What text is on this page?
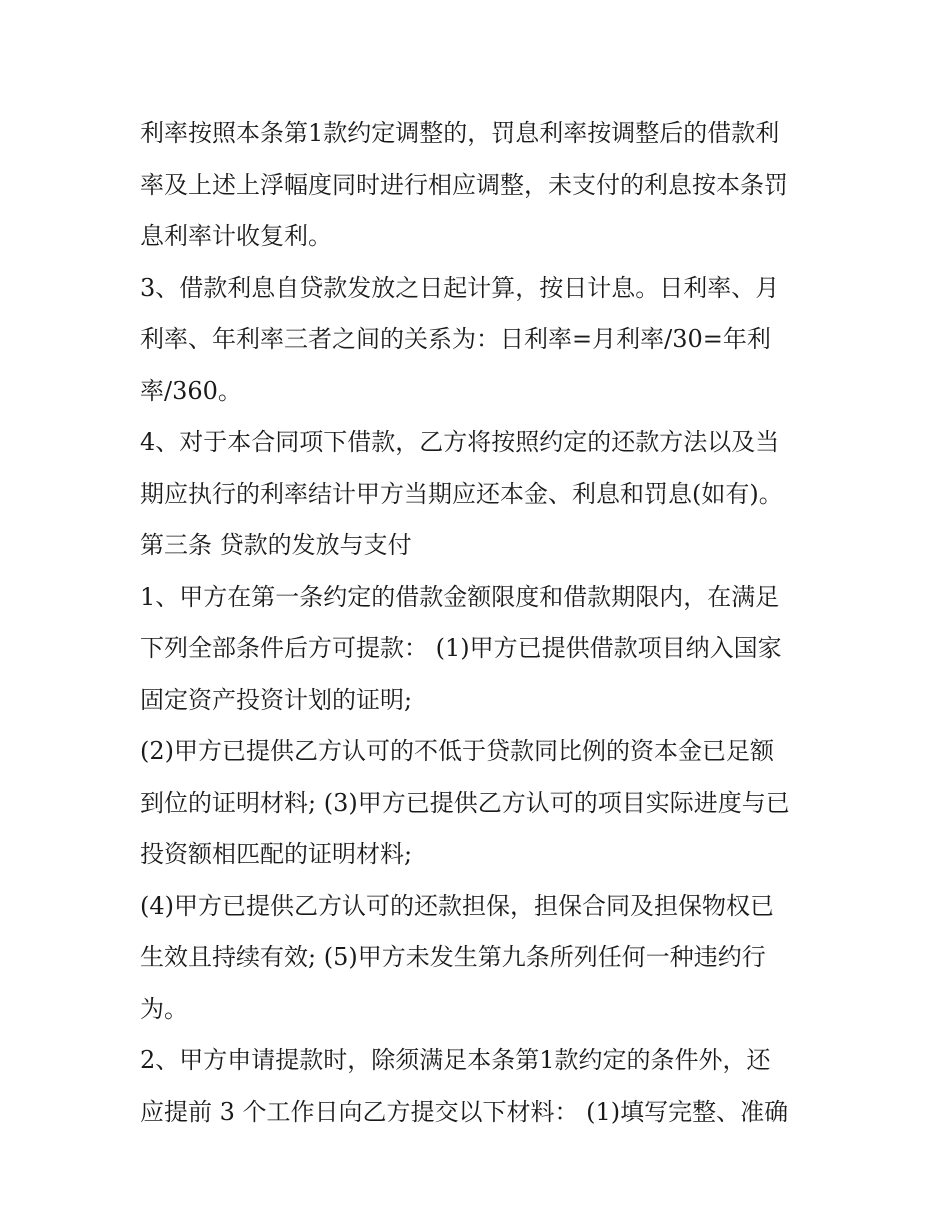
利率按照本条第1款约定调整的，罚息利率按调整后的借款利
率及上述上浮幅度同时进行相应调整，未支付的利息按本条罚
息利率计收复利。
3、借款利息自贷款发放之日起计算，按日计息。日利率、月
利率、年利率三者之间的关系为：日利率=月利率/30=年利
率/360。
4、对于本合同项下借款，乙方将按照约定的还款方法以及当
期应执行的利率结计甲方当期应还本金、利息和罚息(如有)。
第三条 贷款的发放与支付
1、甲方在第一条约定的借款金额限度和借款期限内，在满足
下列全部条件后方可提款： (1)甲方已提供借款项目纳入国家
固定资产投资计划的证明;
(2)甲方已提供乙方认可的不低于贷款同比例的资本金已足额
到位的证明材料; (3)甲方已提供乙方认可的项目实际进度与已
投资额相匹配的证明材料;
(4)甲方已提供乙方认可的还款担保，担保合同及担保物权已
生效且持续有效; (5)甲方未发生第九条所列任何一种违约行
为。
2、甲方申请提款时，除须满足本条第1款约定的条件外，还
应提前 3 个工作日向乙方提交以下材料： (1)填写完整、准确
